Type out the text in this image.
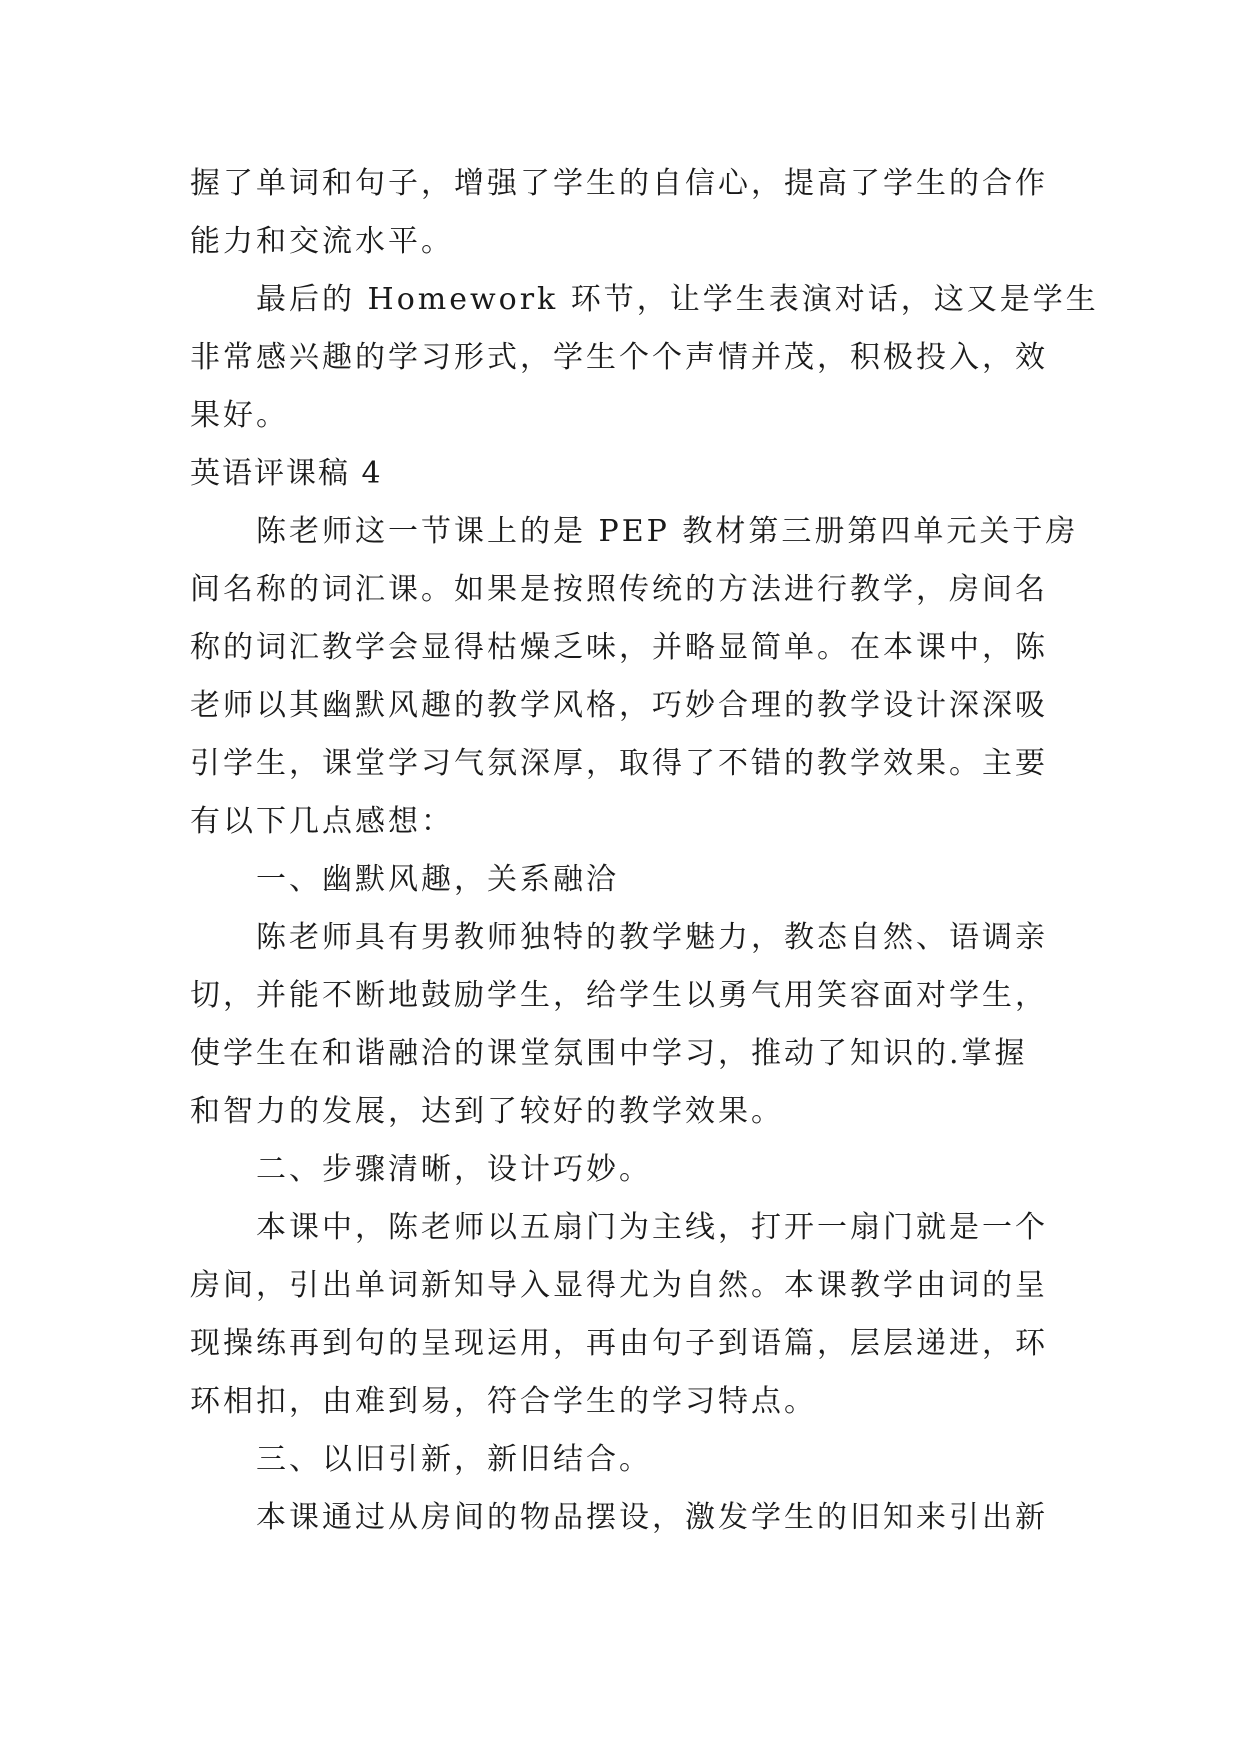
握了单词和句子，增强了学生的自信心，提高了学生的合作
能力和交流水平。
最后的 Homework 环节，让学生表演对话，这又是学生
非常感兴趣的学习形式，学生个个声情并茂，积极投入，效
果好。
英语评课稿 4
陈老师这一节课上的是 PEP 教材第三册第四单元关于房
间名称的词汇课。如果是按照传统的方法进行教学，房间名
称的词汇教学会显得枯燥乏味，并略显简单。在本课中，陈
老师以其幽默风趣的教学风格，巧妙合理的教学设计深深吸
引学生，课堂学习气氛深厚，取得了不错的教学效果。主要
有以下几点感想：
一、幽默风趣，关系融洽
陈老师具有男教师独特的教学魅力，教态自然、语调亲
切，并能不断地鼓励学生，给学生以勇气用笑容面对学生，
使学生在和谐融洽的课堂氛围中学习，推动了知识的.掌握
和智力的发展，达到了较好的教学效果。
二、步骤清晰，设计巧妙。
本课中，陈老师以五扇门为主线，打开一扇门就是一个
房间，引出单词新知导入显得尤为自然。本课教学由词的呈
现操练再到句的呈现运用，再由句子到语篇，层层递进，环
环相扣，由难到易，符合学生的学习特点。
三、以旧引新，新旧结合。
本课通过从房间的物品摆设，激发学生的旧知来引出新
